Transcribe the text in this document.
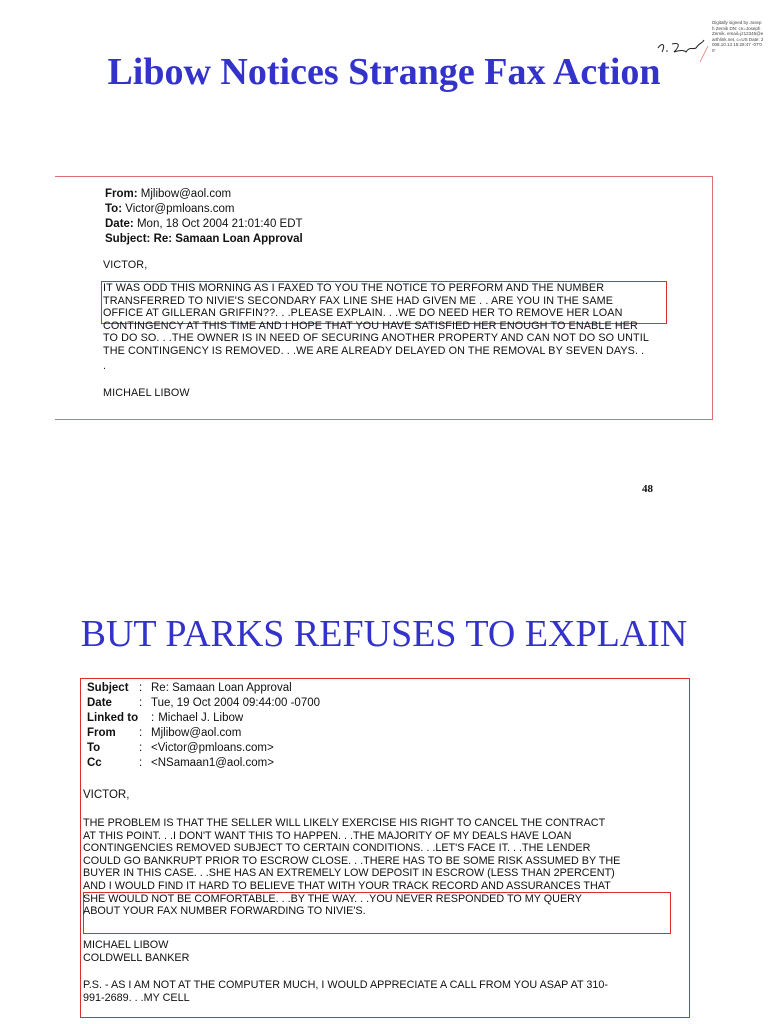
Digitally signed by Joseph Zernik DN: cn=Joseph Zernik, email=jz12345@earthlink.net, c=US Date: 2008.10.13 15:28:47 -07'00'
Libow Notices Strange Fax Action
From: Mjlibow@aol.com
To: Victor@pmloans.com
Date: Mon, 18 Oct 2004 21:01:40 EDT
Subject: Re: Samaan Loan Approval
VICTOR,
IT WAS ODD THIS MORNING AS I FAXED TO YOU THE NOTICE TO PERFORM AND THE NUMBER
TRANSFERRED TO NIVIE'S SECONDARY FAX LINE SHE HAD GIVEN ME . . ARE YOU IN THE SAME
OFFICE AT GILLERAN GRIFFIN??. . .PLEASE EXPLAIN. . .WE DO NEED HER TO REMOVE HER LOAN
CONTINGENCY AT THIS TIME AND I HOPE THAT YOU HAVE SATISFIED HER ENOUGH TO ENABLE HER
TO DO SO. . .THE OWNER IS IN NEED OF SECURING ANOTHER PROPERTY AND CAN NOT DO SO UNTIL
THE CONTINGENCY IS REMOVED. . .WE ARE ALREADY DELAYED ON THE REMOVAL BY SEVEN DAYS. .
.
MICHAEL LIBOW
48
BUT PARKS REFUSES TO EXPLAIN
Subject : Re: Samaan Loan Approval
Date : Tue, 19 Oct 2004 09:44:00 -0700
Linked to : Michael J. Libow
From : Mjlibow@aol.com
To	: <Victor@pmloans.com>
Cc	: <NSamaan1@aol.com>
VICTOR,
THE PROBLEM IS THAT THE SELLER WILL LIKELY EXERCISE HIS RIGHT TO CANCEL THE CONTRACT
AT THIS POINT. . .I DON'T WANT THIS TO HAPPEN. . .THE MAJORITY OF MY DEALS HAVE LOAN
CONTINGENCIES REMOVED SUBJECT TO CERTAIN CONDITIONS. . .LET'S FACE IT. . .THE LENDER
COULD GO BANKRUPT PRIOR TO ESCROW CLOSE. . .THERE HAS TO BE SOME RISK ASSUMED BY THE
BUYER IN THIS CASE. . .SHE HAS AN EXTREMELY LOW DEPOSIT IN ESCROW (LESS THAN 2PERCENT)
AND I WOULD FIND IT HARD TO BELIEVE THAT WITH YOUR TRACK RECORD AND ASSURANCES THAT
SHE WOULD NOT BE COMFORTABLE. . .BY THE WAY. . .YOU NEVER RESPONDED TO MY QUERY
ABOUT YOUR FAX NUMBER FORWARDING TO NIVIE'S.
MICHAEL LIBOW
COLDWELL BANKER
P.S. - AS I AM NOT AT THE COMPUTER MUCH, I WOULD APPRECIATE A CALL FROM YOU ASAP AT 310-
991-2689. . .MY CELL
